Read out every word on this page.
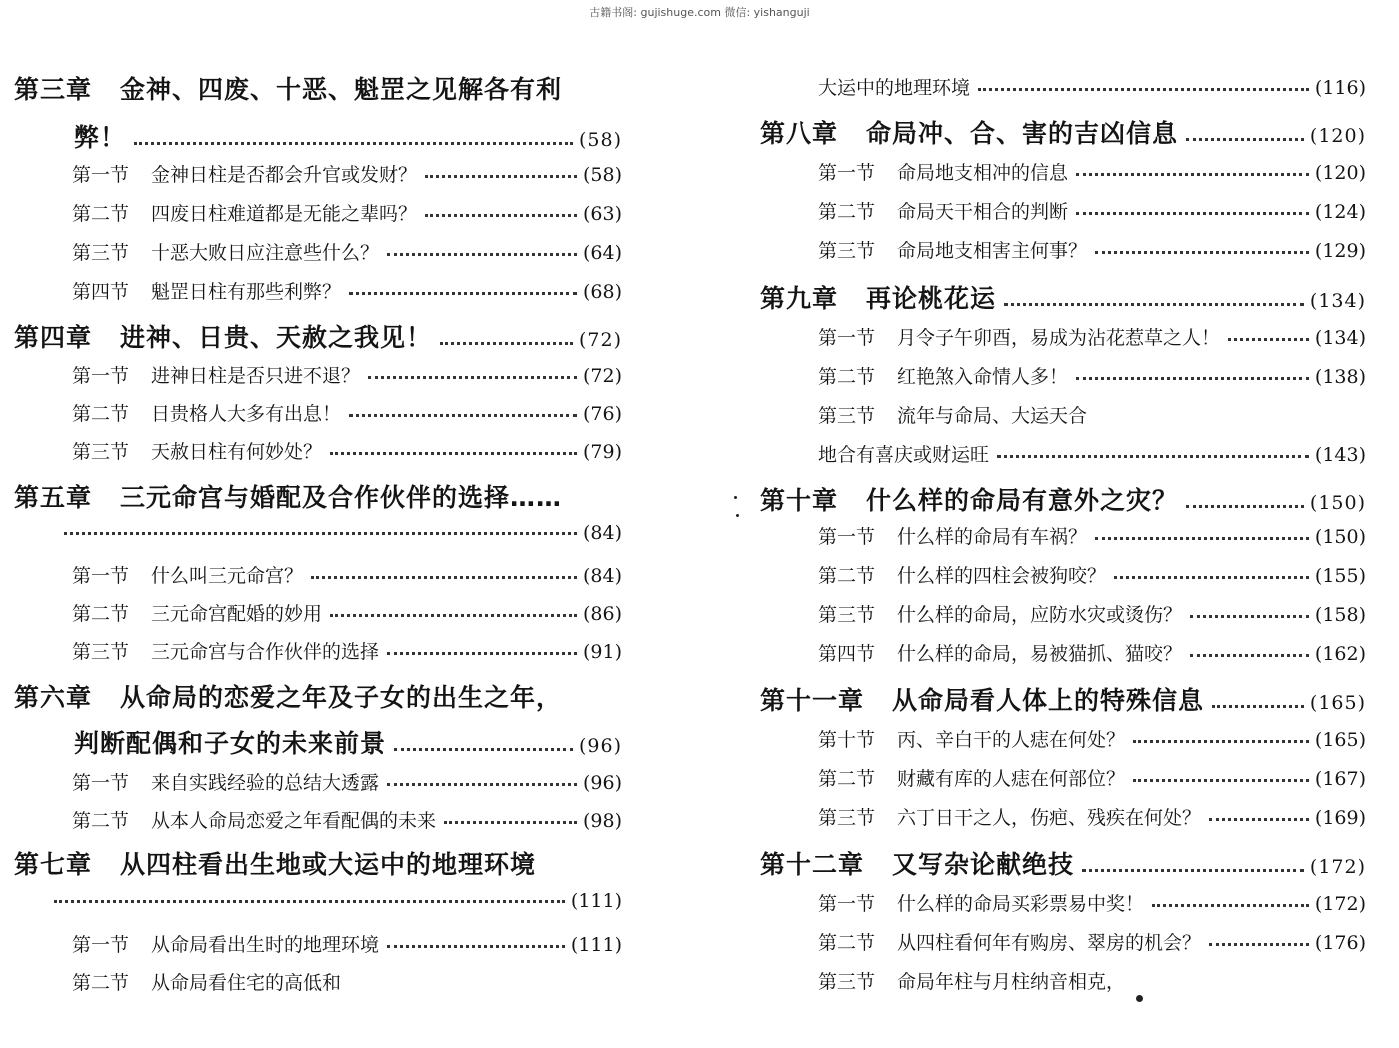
古籍书阁: gujishuge.com 微信: yishanguji
第三章 金神、四废、十恶、魁罡之见解各有利
弊！	(58)
第一节 金神日柱是否都会升官或发财？	(58)
第二节 四废日柱难道都是无能之辈吗？	(63)
第三节 十恶大败日应注意些什么？	(64)
第四节 魁罡日柱有那些利弊？	(68)
第四章 进神、日贵、天赦之我见！	(72)
第一节 进神日柱是否只进不退？	(72)
第二节 日贵格人大多有出息！	(76)
第三节 天赦日柱有何妙处？	(79)
第五章 三元命宫与婚配及合作伙伴的选择……
(84)
第一节 什么叫三元命宫？	(84)
第二节 三元命宫配婚的妙用	(86)
第三节 三元命宫与合作伙伴的选择	(91)
第六章 从命局的恋爱之年及子女的出生之年，
判断配偶和子女的未来前景	(96)
第一节 来自实践经验的总结大透露	(96)
第二节 从本人命局恋爱之年看配偶的未来	(98)
第七章 从四柱看出生地或大运中的地理环境
(111)
第一节 从命局看出生时的地理环境	(111)
第二节 从命局看住宅的高低和
大运中的地理环境	(116)
第八章 命局冲、合、害的吉凶信息	(120)
第一节 命局地支相冲的信息	(120)
第二节 命局天干相合的判断	(124)
第三节 命局地支相害主何事？	(129)
第九章 再论桃花运	(134)
第一节 月令子午卯酉，易成为沾花惹草之人！	(134)
第二节 红艳煞入命情人多！	(138)
第三节 流年与命局、大运天合
地合有喜庆或财运旺	(143)
第十章 什么样的命局有意外之灾？	(150)
第一节 什么样的命局有车祸？	(150)
第二节 什么样的四柱会被狗咬？	(155)
第三节 什么样的命局，应防水灾或烫伤？	(158)
第四节 什么样的命局，易被猫抓、猫咬？	(162)
第十一章 从命局看人体上的特殊信息	(165)
第十节 丙、辛白干的人痣在何处？	(165)
第二节 财藏有库的人痣在何部位？	(167)
第三节 六丁日干之人，伤疤、残疾在何处？	(169)
第十二章 又写杂论献绝技	(172)
第一节 什么样的命局买彩票易中奖！	(172)
第二节 从四柱看何年有购房、翠房的机会？	(176)
第三节 命局年柱与月柱纳音相克，
